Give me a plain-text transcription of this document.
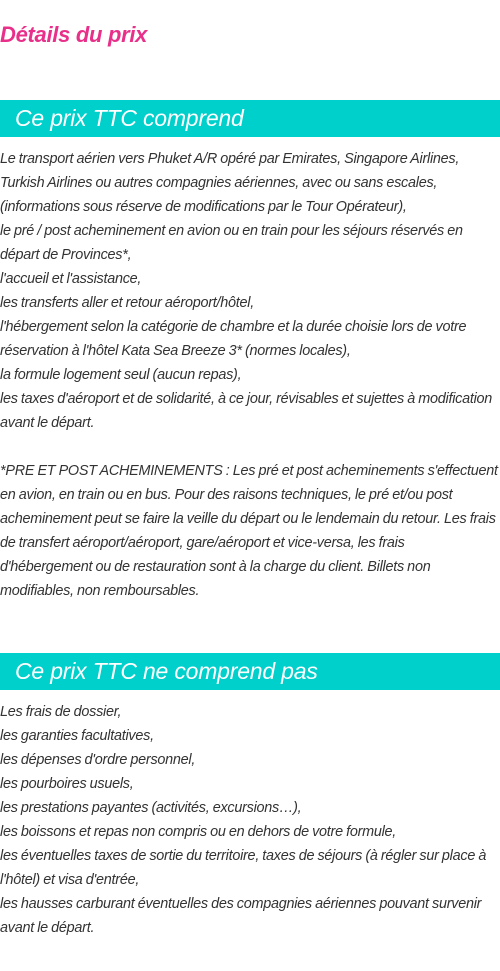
Détails du prix
Ce prix TTC comprend

Le transport aérien vers Phuket A/R opéré par Emirates, Singapore Airlines, Turkish Airlines ou autres compagnies aériennes, avec ou sans escales, (informations sous réserve de modifications par le Tour Opérateur),

le pré / post acheminement en avion ou en train pour les séjours réservés en départ de Provinces*,

l'accueil et l'assistance,

les transferts aller et retour aéroport/hôtel,

l'hébergement selon la catégorie de chambre et la durée choisie lors de votre réservation à l'hôtel Kata Sea Breeze 3* (normes locales),

la formule logement seul (aucun repas),

les taxes d'aéroport et de solidarité, à ce jour, révisables et sujettes à modification avant le départ.

*PRE ET POST ACHEMINEMENTS : Les pré et post acheminements s'effectuent en avion, en train ou en bus. Pour des raisons techniques, le pré et/ou post acheminement peut se faire la veille du départ ou le lendemain du retour. Les frais de transfert aéroport/aéroport, gare/aéroport et vice-versa, les frais d'hébergement ou de restauration sont à la charge du client. Billets non modifiables, non remboursables.

Ce prix TTC ne comprend pas

Les frais de dossier,

les garanties facultatives,

les dépenses d'ordre personnel,

les pourboires usuels,

les prestations payantes (activités, excursions…),

les boissons et repas non compris ou en dehors de votre formule,

les éventuelles taxes de sortie du territoire, taxes de séjours (à régler sur place à l'hôtel) et visa d'entrée,

les hausses carburant éventuelles des compagnies aériennes pouvant survenir avant le départ.
